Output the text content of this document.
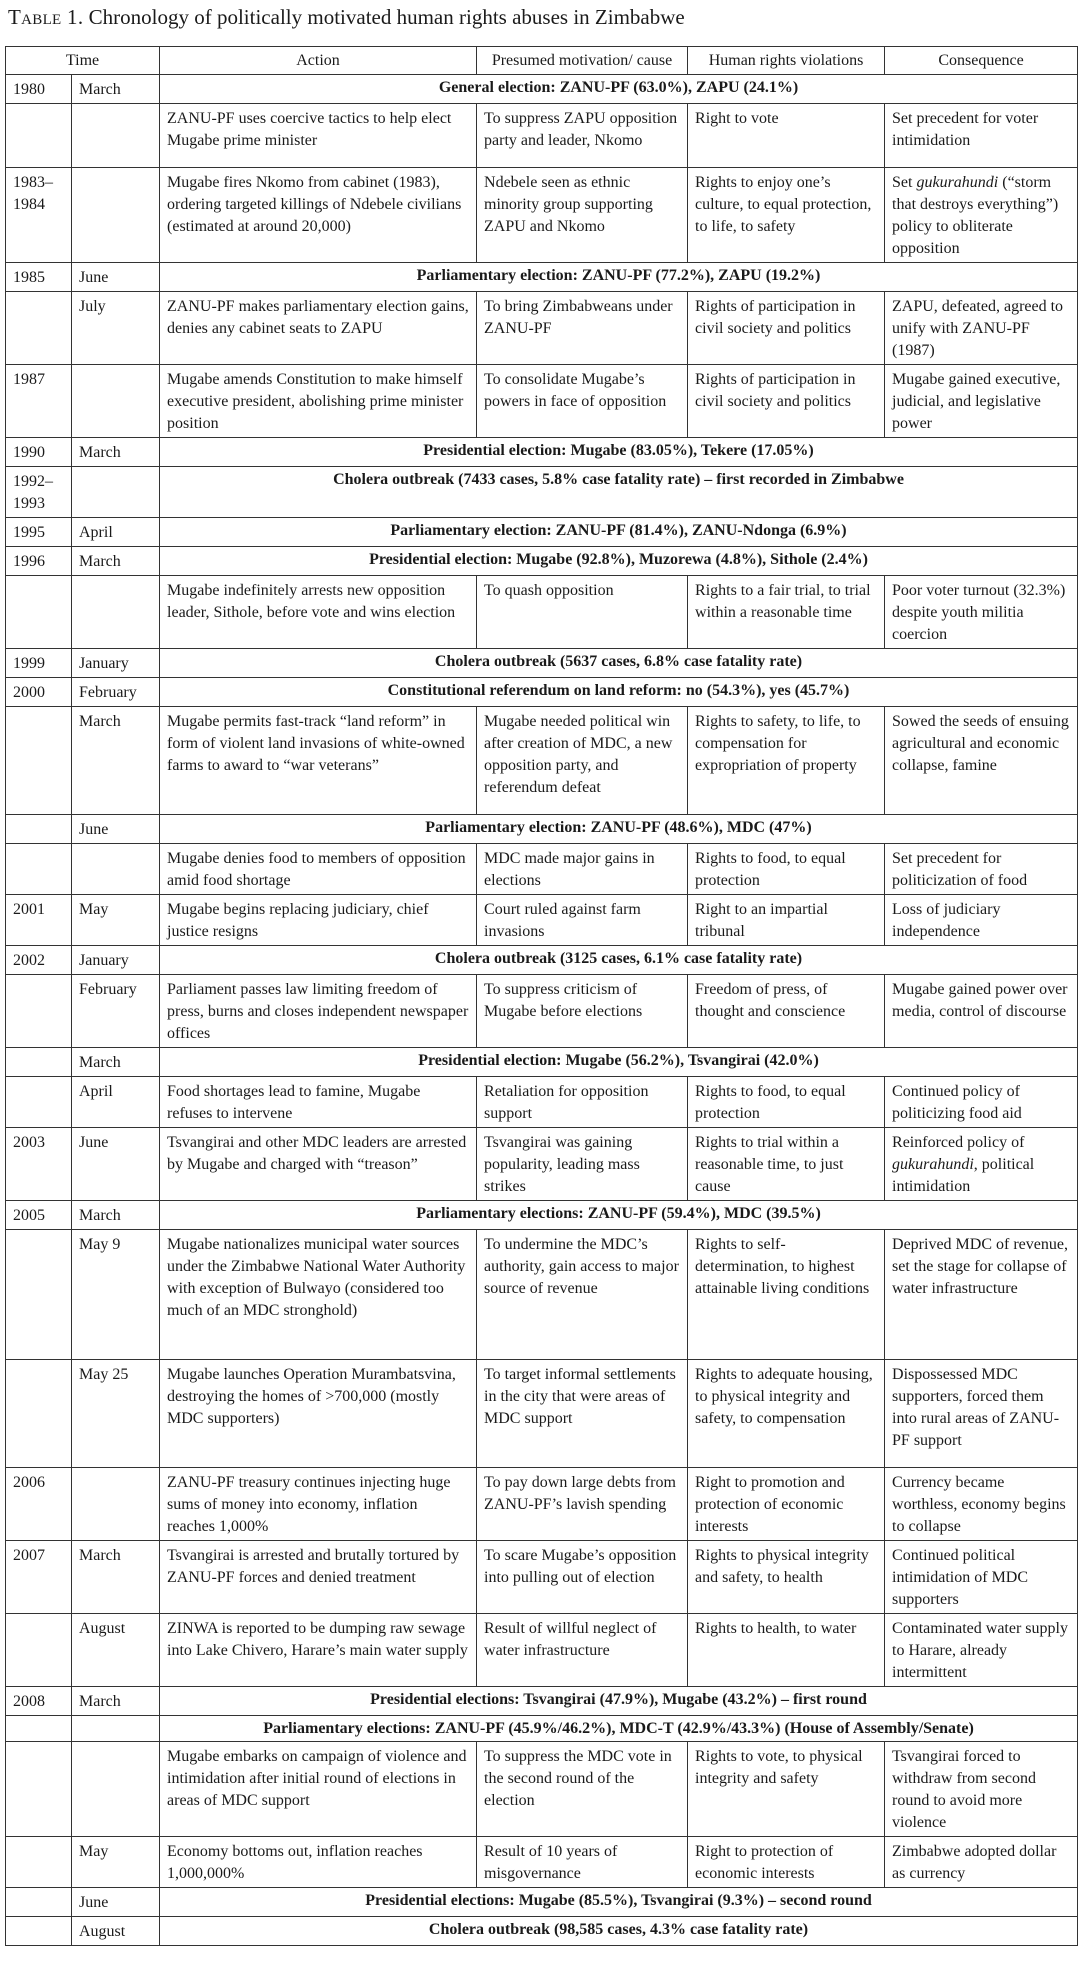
Table 1. Chronology of politically motivated human rights abuses in Zimbabwe
Time		Action	Presumed motivation/ cause	Human rights violations	Consequence
1980	March	General election: ZANU-PF (63.0%), ZAPU (24.1%)			
		ZANU-PF uses coercive tactics to help elect Mugabe prime minister	To suppress ZAPU opposition party and leader, Nkomo	Right to vote	Set precedent for voter intimidation
1983–1984		Mugabe fires Nkomo from cabinet (1983), ordering targeted killings of Ndebele civilians (estimated at around 20,000)	Ndebele seen as ethnic minority group supporting ZAPU and Nkomo	Rights to enjoy one’s culture, to equal protection, to life, to safety	Set gukurahundi (“storm that destroys everything”) policy to obliterate opposition
1985	June	Parliamentary election: ZANU-PF (77.2%), ZAPU (19.2%)			
	July	ZANU-PF makes parliamentary election gains, denies any cabinet seats to ZAPU	To bring Zimbabweans under ZANU-PF	Rights of participation in civil society and politics	ZAPU, defeated, agreed to unify with ZANU-PF (1987)
1987		Mugabe amends Constitution to make himself executive president, abolishing prime minister position	To consolidate Mugabe’s powers in face of opposition	Rights of participation in civil society and politics	Mugabe gained executive, judicial, and legislative power
1990	March	Presidential election: Mugabe (83.05%), Tekere (17.05%)			
1992–1993		Cholera outbreak (7433 cases, 5.8% case fatality rate) – first recorded in Zimbabwe			
1995	April	Parliamentary election: ZANU-PF (81.4%), ZANU-Ndonga (6.9%)			
1996	March	Presidential election: Mugabe (92.8%), Muzorewa (4.8%), Sithole (2.4%)			
		Mugabe indefinitely arrests new opposition leader, Sithole, before vote and wins election	To quash opposition	Rights to a fair trial, to trial within a reasonable time	Poor voter turnout (32.3%) despite youth militia coercion
1999	January	Cholera outbreak (5637 cases, 6.8% case fatality rate)			
2000	February	Constitutional referendum on land reform: no (54.3%), yes (45.7%)			
	March	Mugabe permits fast-track “land reform” in form of violent land invasions of white-owned farms to award to “war veterans”	Mugabe needed political win after creation of MDC, a new opposition party, and referendum defeat	Rights to safety, to life, to compensation for expropriation of property	Sowed the seeds of ensuing agricultural and economic collapse, famine
	June	Parliamentary election: ZANU-PF (48.6%), MDC (47%)			
		Mugabe denies food to members of opposition amid food shortage	MDC made major gains in elections	Rights to food, to equal protection	Set precedent for politicization of food
2001	May	Mugabe begins replacing judiciary, chief justice resigns	Court ruled against farm invasions	Right to an impartial tribunal	Loss of judiciary independence
2002	January	Cholera outbreak (3125 cases, 6.1% case fatality rate)			
	February	Parliament passes law limiting freedom of press, burns and closes independent newspaper offices	To suppress criticism of Mugabe before elections	Freedom of press, of thought and conscience	Mugabe gained power over media, control of discourse
	March	Presidential election: Mugabe (56.2%), Tsvangirai (42.0%)			
	April	Food shortages lead to famine, Mugabe refuses to intervene	Retaliation for opposition support	Rights to food, to equal protection	Continued policy of politicizing food aid
2003	June	Tsvangirai and other MDC leaders are arrested by Mugabe and charged with “treason”	Tsvangirai was gaining popularity, leading mass strikes	Rights to trial within a reasonable time, to just cause	Reinforced policy of gukurahundi, political intimidation
2005	March	Parliamentary elections: ZANU-PF (59.4%), MDC (39.5%)			
	May 9	Mugabe nationalizes municipal water sources under the Zimbabwe National Water Authority with exception of Bulwayo (considered too much of an MDC stronghold)	To undermine the MDC’s authority, gain access to major source of revenue	Rights to self-determination, to highest attainable living conditions	Deprived MDC of revenue, set the stage for collapse of water infrastructure
	May 25	Mugabe launches Operation Murambatsvina, destroying the homes of >700,000 (mostly MDC supporters)	To target informal settlements in the city that were areas of MDC support	Rights to adequate housing, to physical integrity and safety, to compensation	Dispossessed MDC supporters, forced them into rural areas of ZANU-PF support
2006		ZANU-PF treasury continues injecting huge sums of money into economy, inflation reaches 1,000%	To pay down large debts from ZANU-PF’s lavish spending	Right to promotion and protection of economic interests	Currency became worthless, economy begins to collapse
2007	March	Tsvangirai is arrested and brutally tortured by ZANU-PF forces and denied treatment	To scare Mugabe’s opposition into pulling out of election	Rights to physical integrity and safety, to health	Continued political intimidation of MDC supporters
	August	ZINWA is reported to be dumping raw sewage into Lake Chivero, Harare’s main water supply	Result of willful neglect of water infrastructure	Rights to health, to water	Contaminated water supply to Harare, already intermittent
2008	March	Presidential elections: Tsvangirai (47.9%), Mugabe (43.2%) – first round			
		Parliamentary elections: ZANU-PF (45.9%/46.2%), MDC-T (42.9%/43.3%) (House of Assembly/Senate)			
		Mugabe embarks on campaign of violence and intimidation after initial round of elections in areas of MDC support	To suppress the MDC vote in the second round of the election	Rights to vote, to physical integrity and safety	Tsvangirai forced to withdraw from second round to avoid more violence
	May	Economy bottoms out, inflation reaches 1,000,000%	Result of 10 years of misgovernance	Right to protection of economic interests	Zimbabwe adopted dollar as currency
	June	Presidential elections: Mugabe (85.5%), Tsvangirai (9.3%) – second round			
	August	Cholera outbreak (98,585 cases, 4.3% case fatality rate)			
